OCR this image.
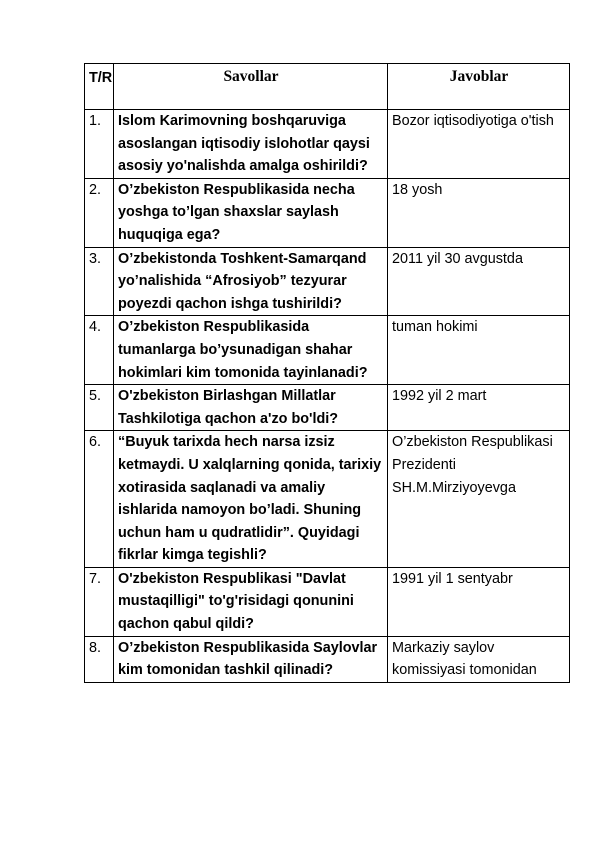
T/R	Savollar	Javoblar
1.	Islom Karimovning boshqaruviga asoslangan iqtisodiy islohotlar qaysi asosiy yo'nalishda amalga oshirildi?	Bozor iqtisodiyotiga o'tish
2.	O’zbekiston Respublikasida necha yoshga to’lgan shaxslar saylash huquqiga ega?	18 yosh
3.	O’zbekistonda Toshkent-Samarqand yo’nalishida “Afrosiyob” tezyurar poyezdi qachon ishga tushirildi?	2011 yil 30 avgustda
4.	O’zbekiston Respublikasida tumanlarga bo’ysunadigan shahar hokimlari kim tomonida tayinlanadi?	tuman hokimi
5.	O'zbekiston Birlashgan Millatlar Tashkilotiga qachon a'zo bo'ldi?	1992 yil 2 mart
6.	“Buyuk tarixda hech narsa izsiz ketmaydi. U xalqlarning qonida, tarixiy xotirasida saqlanadi va amaliy ishlarida namoyon bo’ladi. Shuning uchun ham u qudratlidir”. Quyidagi fikrlar kimga tegishli?	O’zbekiston Respublikasi Prezidenti SH.M.Mirziyoyevga
7.	O'zbekiston Respublikasi "Davlat mustaqilligi" to'g'risidagi qonunini qachon qabul qildi?	1991 yil 1 sentyabr
8.	O’zbekiston Respublikasida Saylovlar kim tomonidan tashkil qilinadi?	Markaziy saylov komissiyasi tomonidan
